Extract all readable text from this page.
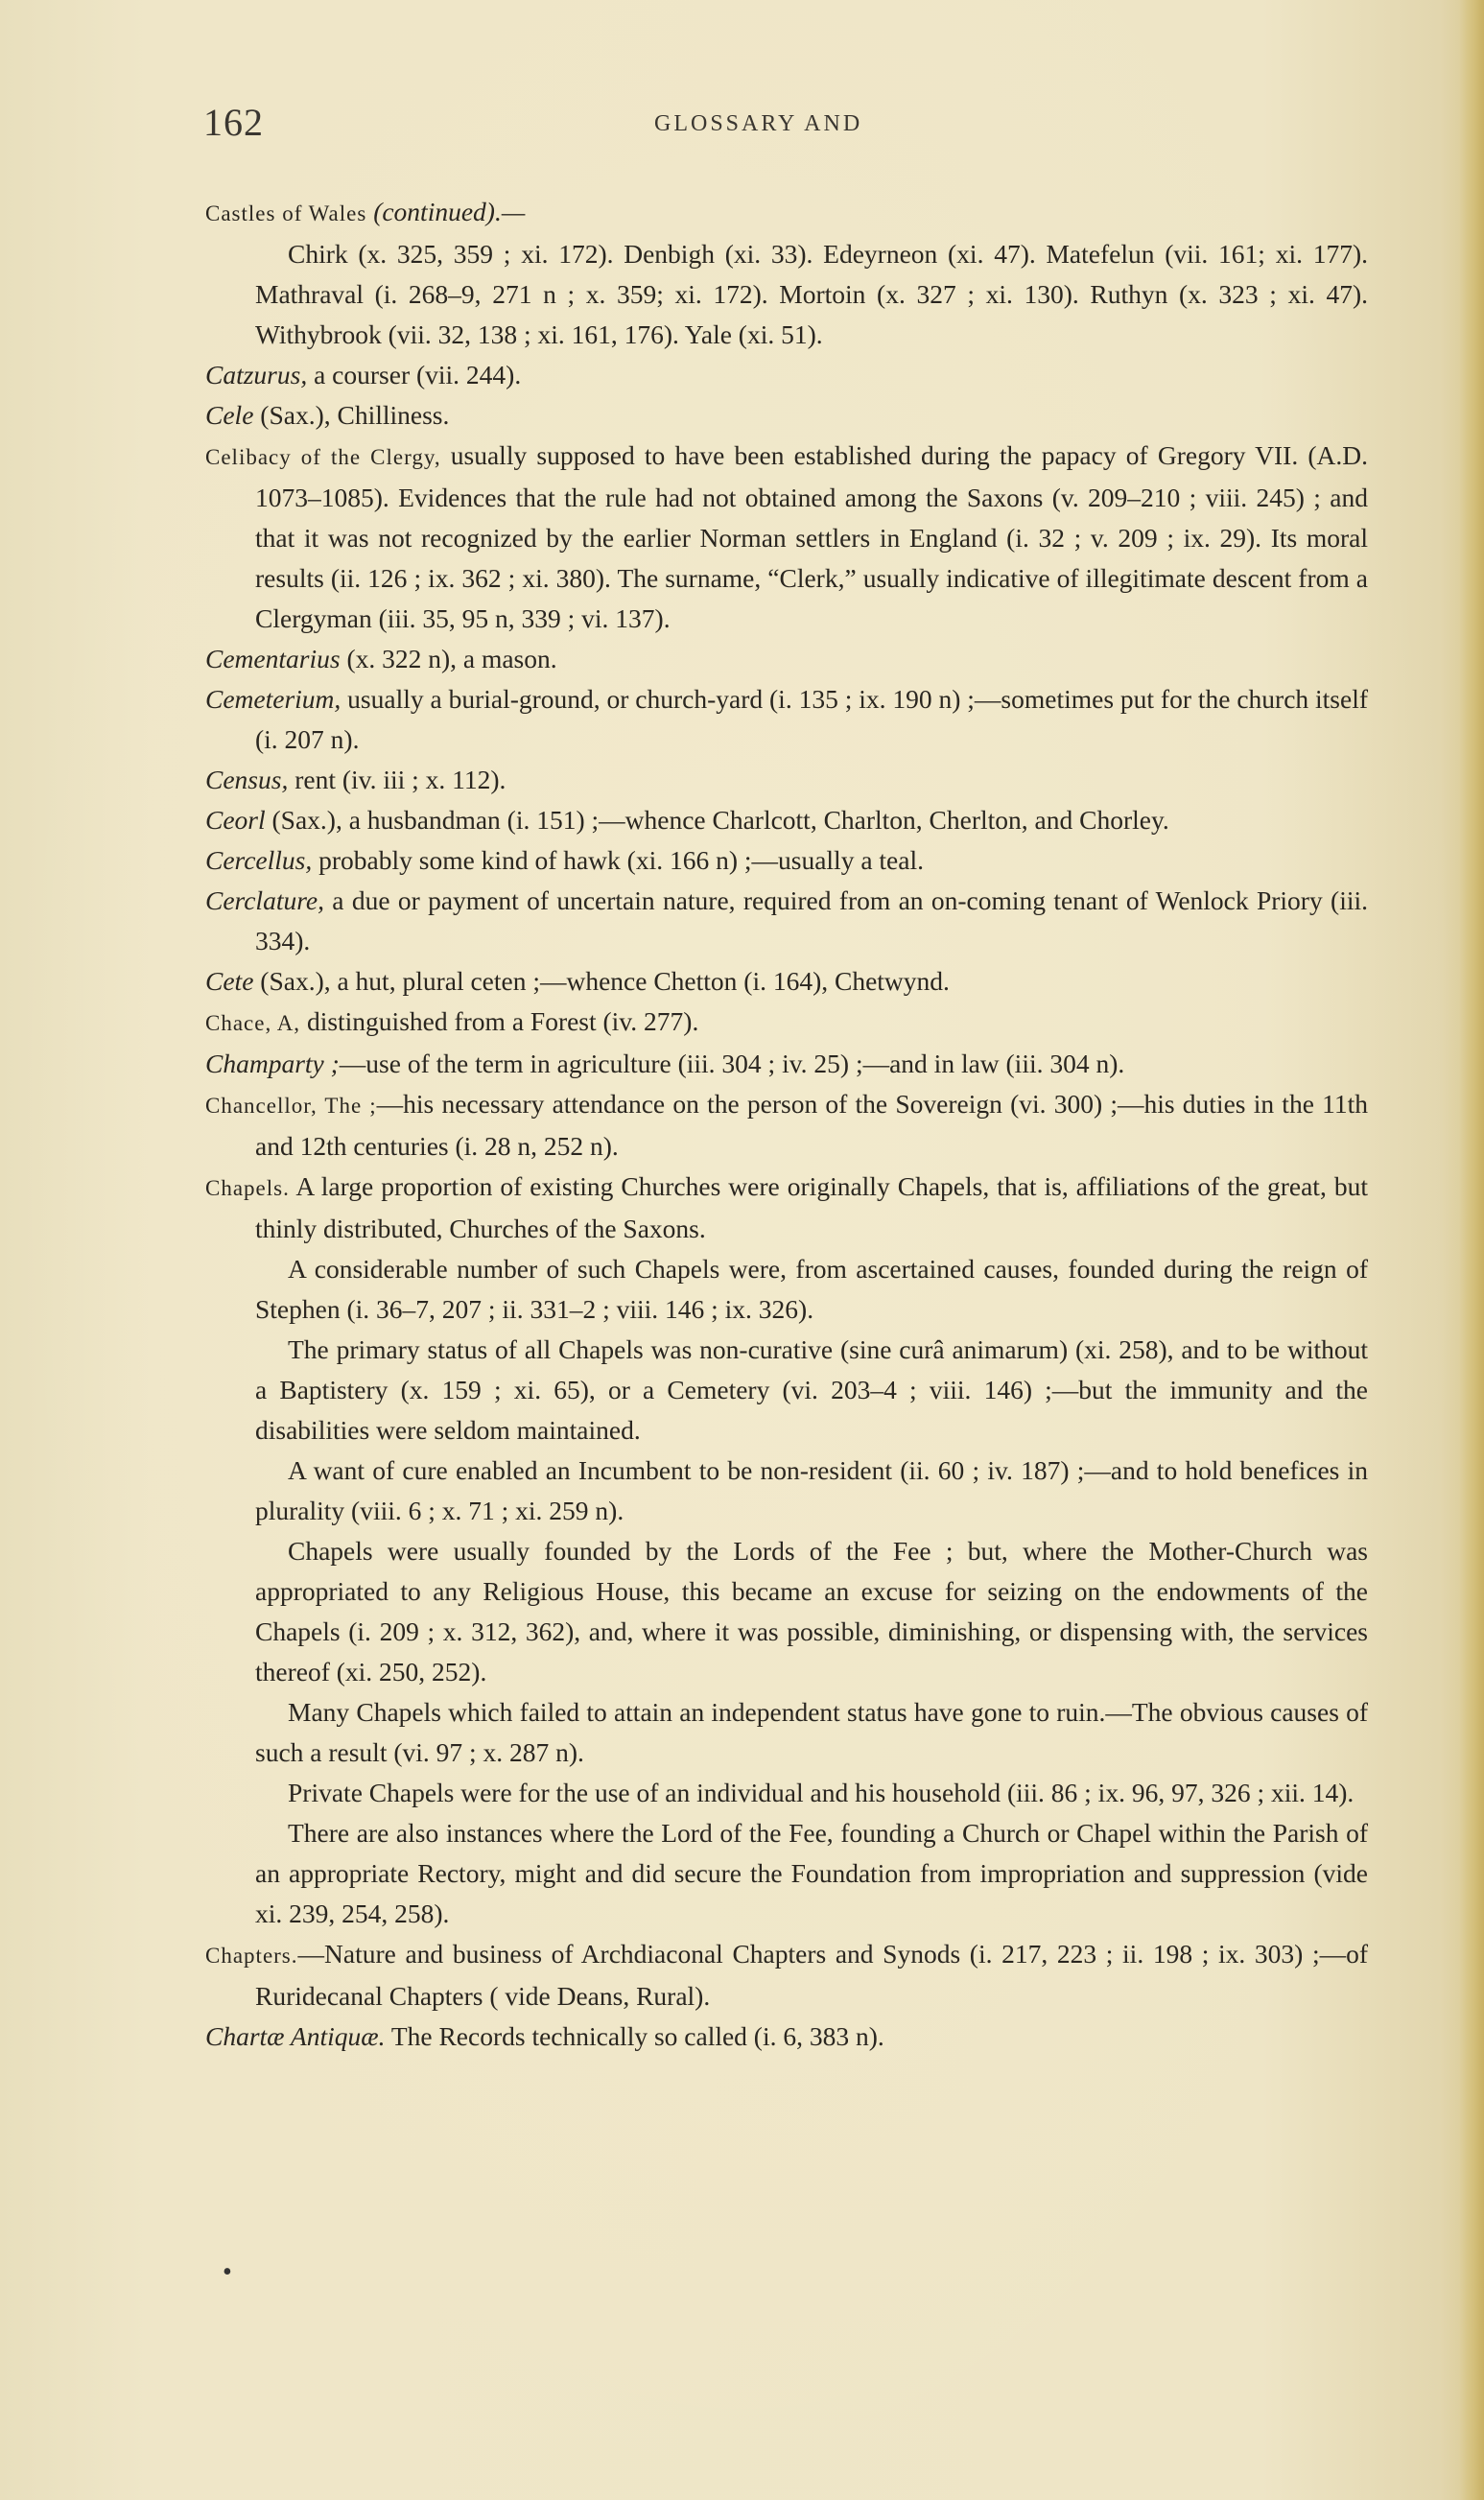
162	GLOSSARY AND

Castles of Wales (continued).—

Chirk (x. 325, 359 ; xi. 172). Denbigh (xi. 33). Edeyrneon (xi. 47). Matefelun (vii. 161; xi. 177). Mathraval (i. 268–9, 271 n ; x. 359; xi. 172). Mortoin (x. 327 ; xi. 130). Ruthyn (x. 323 ; xi. 47). Withybrook (vii. 32, 138 ; xi. 161, 176). Yale (xi. 51).

Catzurus, a courser (vii. 244).

Cele (Sax.), Chilliness.

Celibacy of the Clergy, usually supposed to have been established during the papacy of Gregory VII. (A.D. 1073–1085). Evidences that the rule had not obtained among the Saxons (v. 209–210 ; viii. 245) ; and that it was not recognized by the earlier Norman settlers in England (i. 32 ; v. 209 ; ix. 29). Its moral results (ii. 126 ; ix. 362 ; xi. 380). The surname, “Clerk,” usually indicative of illegitimate descent from a Clergyman (iii. 35, 95 n, 339 ; vi. 137).

Cementarius (x. 322 n), a mason.

Cemeterium, usually a burial-ground, or church-yard (i. 135 ; ix. 190 n) ;—sometimes put for the church itself (i. 207 n).

Census, rent (iv. iii ; x. 112).

Ceorl (Sax.), a husbandman (i. 151) ;—whence Charlcott, Charlton, Cherlton, and Chorley.

Cercellus, probably some kind of hawk (xi. 166 n) ;—usually a teal.

Cerclature, a due or payment of uncertain nature, required from an on-coming tenant of Wenlock Priory (iii. 334).

Cete (Sax.), a hut, plural ceten ;—whence Chetton (i. 164), Chetwynd.

Chace, A, distinguished from a Forest (iv. 277).

Champarty ;—use of the term in agriculture (iii. 304 ; iv. 25) ;—and in law (iii. 304 n).

Chancellor, The ;—his necessary attendance on the person of the Sovereign (vi. 300) ;—his duties in the 11th and 12th centuries (i. 28 n, 252 n).

Chapels. A large proportion of existing Churches were originally Chapels, that is, affiliations of the great, but thinly distributed, Churches of the Saxons.

A considerable number of such Chapels were, from ascertained causes, founded during the reign of Stephen (i. 36–7, 207 ; ii. 331–2 ; viii. 146 ; ix. 326).

The primary status of all Chapels was non-curative (sine curâ animarum) (xi. 258), and to be without a Baptistery (x. 159 ; xi. 65), or a Cemetery (vi. 203–4 ; viii. 146) ;—but the immunity and the disabilities were seldom maintained.

A want of cure enabled an Incumbent to be non-resident (ii. 60 ; iv. 187) ;—and to hold benefices in plurality (viii. 6 ; x. 71 ; xi. 259 n).

Chapels were usually founded by the Lords of the Fee ; but, where the Mother-Church was appropriated to any Religious House, this became an excuse for seizing on the endowments of the Chapels (i. 209 ; x. 312, 362), and, where it was possible, diminishing, or dispensing with, the services thereof (xi. 250, 252).

Many Chapels which failed to attain an independent status have gone to ruin.—The obvious causes of such a result (vi. 97 ; x. 287 n).

Private Chapels were for the use of an individual and his household (iii. 86 ; ix. 96, 97, 326 ; xii. 14).

There are also instances where the Lord of the Fee, founding a Church or Chapel within the Parish of an appropriate Rectory, might and did secure the Foundation from impropriation and suppression (vide xi. 239, 254, 258).

Chapters.—Nature and business of Archdiaconal Chapters and Synods (i. 217, 223 ; ii. 198 ; ix. 303) ;—of Ruridecanal Chapters ( vide Deans, Rural).

Chartæ Antiquæ. The Records technically so called (i. 6, 383 n).

•
